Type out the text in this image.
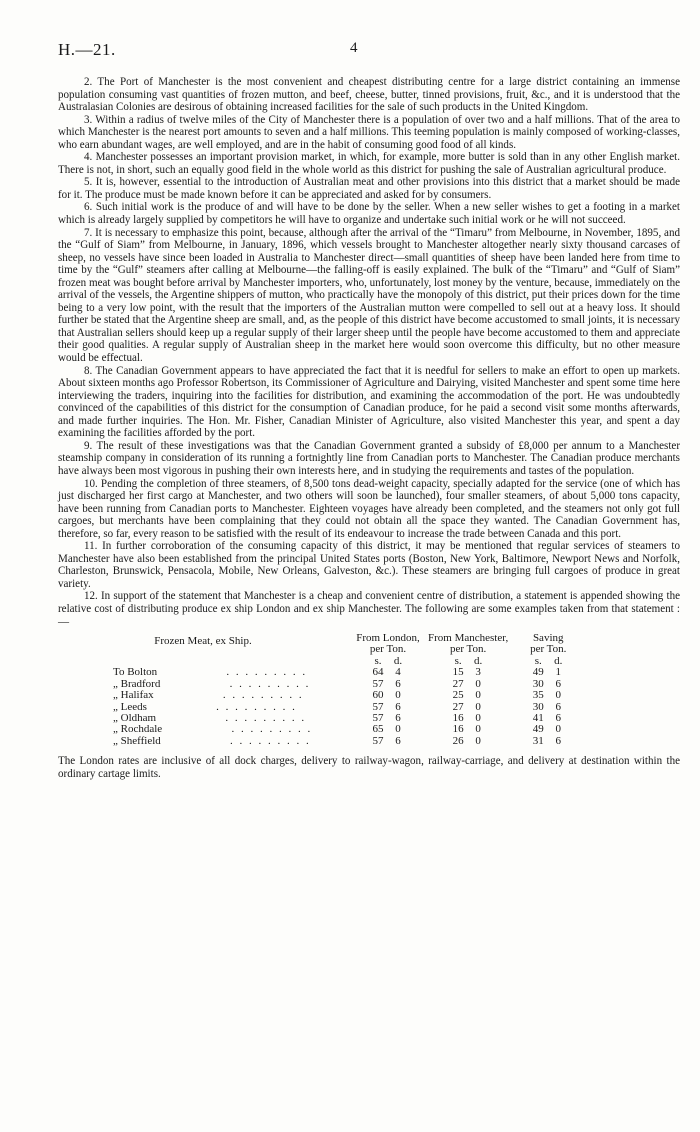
H.—21.	4

2. The Port of Manchester is the most convenient and cheapest distributing centre for a large district containing an immense population consuming vast quantities of frozen mutton, and beef, cheese, butter, tinned provisions, fruit, &c., and it is understood that the Australasian Colonies are desirous of obtaining increased facilities for the sale of such products in the United Kingdom.

3. Within a radius of twelve miles of the City of Manchester there is a population of over two and a half millions. That of the area to which Manchester is the nearest port amounts to seven and a half millions. This teeming population is mainly composed of working-classes, who earn abundant wages, are well employed, and are in the habit of consuming good food of all kinds.

4. Manchester possesses an important provision market, in which, for example, more butter is sold than in any other English market. There is not, in short, such an equally good field in the whole world as this district for pushing the sale of Australian agricultural produce.

5. It is, however, essential to the introduction of Australian meat and other provisions into this district that a market should be made for it. The produce must be made known before it can be appreciated and asked for by consumers.

6. Such initial work is the produce of and will have to be done by the seller. When a new seller wishes to get a footing in a market which is already largely supplied by competitors he will have to organize and undertake such initial work or he will not succeed.

7. It is necessary to emphasize this point, because, although after the arrival of the “Timaru” from Melbourne, in November, 1895, and the “Gulf of Siam” from Melbourne, in January, 1896, which vessels brought to Manchester altogether nearly sixty thousand carcases of sheep, no vessels have since been loaded in Australia to Manchester direct—small quantities of sheep have been landed here from time to time by the “Gulf” steamers after calling at Melbourne—the falling-off is easily explained. The bulk of the “Timaru” and “Gulf of Siam” frozen meat was bought before arrival by Manchester importers, who, unfortunately, lost money by the venture, because, immediately on the arrival of the vessels, the Argentine shippers of mutton, who practically have the monopoly of this district, put their prices down for the time being to a very low point, with the result that the importers of the Australian mutton were compelled to sell out at a heavy loss. It should further be stated that the Argentine sheep are small, and, as the people of this district have become accustomed to small joints, it is necessary that Australian sellers should keep up a regular supply of their larger sheep until the people have become accustomed to them and appreciate their good qualities. A regular supply of Australian sheep in the market here would soon overcome this difficulty, but no other measure would be effectual.

8. The Canadian Government appears to have appreciated the fact that it is needful for sellers to make an effort to open up markets. About sixteen months ago Professor Robertson, its Commissioner of Agriculture and Dairying, visited Manchester and spent some time here interviewing the traders, inquiring into the facilities for distribution, and examining the accommodation of the port. He was undoubtedly convinced of the capabilities of this district for the consumption of Canadian produce, for he paid a second visit some months afterwards, and made further inquiries. The Hon. Mr. Fisher, Canadian Minister of Agriculture, also visited Manchester this year, and spent a day examining the facilities afforded by the port.

9. The result of these investigations was that the Canadian Government granted a subsidy of £8,000 per annum to a Manchester steamship company in consideration of its running a fortnightly line from Canadian ports to Manchester. The Canadian produce merchants have always been most vigorous in pushing their own interests here, and in studying the requirements and tastes of the population.

10. Pending the completion of three steamers, of 8,500 tons dead-weight capacity, specially adapted for the service (one of which has just discharged her first cargo at Manchester, and two others will soon be launched), four smaller steamers, of about 5,000 tons capacity, have been running from Canadian ports to Manchester. Eighteen voyages have already been completed, and the steamers not only got full cargoes, but merchants have been complaining that they could not obtain all the space they wanted. The Canadian Government has, therefore, so far, every reason to be satisfied with the result of its endeavour to increase the trade between Canada and this port.

11. In further corroboration of the consuming capacity of this district, it may be mentioned that regular services of steamers to Manchester have also been established from the principal United States ports (Boston, New York, Baltimore, Newport News and Norfolk, Charleston, Brunswick, Pensacola, Mobile, New Orleans, Galveston, &c.). These steamers are bringing full cargoes of produce in great variety.

12. In support of the statement that Manchester is a cheap and convenient centre of distribution, a statement is appended showing the relative cost of distributing produce ex ship London and ex ship Manchester. The following are some examples taken from that statement :—

Frozen Meat, ex Ship.	From London,	From Manchester,	Saving
	per Ton.	per Ton.	per Ton.
	s. d.	s. d.	s. d.
To Bolton . . . . . . . . .	64 4	15 3	49 1
„ Bradford . . . . . . . . .	57 6	27 0	30 6
„ Halifax . . . . . . . . .	60 0	25 0	35 0
„ Leeds . . . . . . . . .	57 6	27 0	30 6
„ Oldham . . . . . . . . .	57 6	16 0	41 6
„ Rochdale . . . . . . . . .	65 0	16 0	49 0
„ Sheffield . . . . . . . . .	57 6	26 0	31 6
The London rates are inclusive of all dock charges, delivery to railway-wagon, railway-carriage, and delivery at destination within the ordinary cartage limits.
